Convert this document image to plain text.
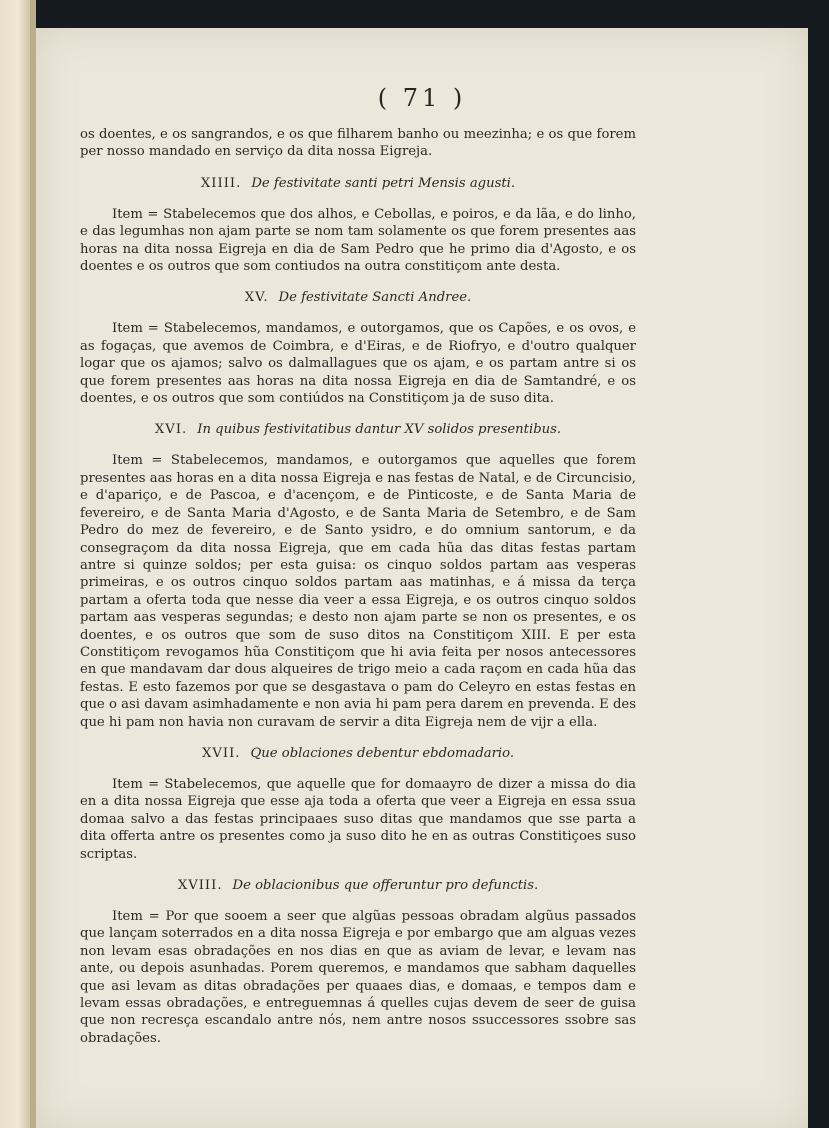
( 71 )

os doentes, e os sangrandos, e os que filharem banho ou meezinha; e os que forem per nosso mandado en serviço da dita nossa Eigreja.

XIIII. De festivitate santi petri Mensis agusti.

Item = Stabelecemos que dos alhos, e Cebollas, e poiros, e da lãa, e do linho, e das legumhas non ajam parte se nom tam solamente os que forem presentes aas horas na dita nossa Eigreja en dia de Sam Pedro que he primo dia d'Agosto, e os doentes e os outros que som contiudos na outra constitiçom ante desta.

XV. De festivitate Sancti Andree.

Item = Stabelecemos, mandamos, e outorgamos, que os Capões, e os ovos, e as fogaças, que avemos de Coimbra, e d'Eiras, e de Riofryo, e d'outro qualquer logar que os ajamos; salvo os dalmallagues que os ajam, e os partam antre si os que forem presentes aas horas na dita nossa Eigreja en dia de Samtandré, e os doentes, e os outros que som contiúdos na Constitiçom ja de suso dita.

XVI. In quibus festivitatibus dantur XV solidos presentibus.

Item = Stabelecemos, mandamos, e outorgamos que aquelles que forem presentes aas horas en a dita nossa Eigreja e nas festas de Natal, e de Circuncisio, e d'apariço, e de Pascoa, e d'acençom, e de Pinticoste, e de Santa Maria de fevereiro, e de Santa Maria d'Agosto, e de Santa Maria de Setembro, e de Sam Pedro do mez de fevereiro, e de Santo ysidro, e do omnium santorum, e da consegraçom da dita nossa Eigreja, que em cada hũa das ditas festas partam antre si quinze soldos; per esta guisa: os cinquo soldos partam aas vesperas primeiras, e os outros cinquo soldos partam aas matinhas, e á missa da terça partam a oferta toda que nesse dia veer a essa Eigreja, e os outros cinquo soldos partam aas vesperas segundas; e desto non ajam parte se non os presentes, e os doentes, e os outros que som de suso ditos na Constitiçom XIII. E per esta Constitiçom revogamos hũa Constitiçom que hi avia feita per nosos antecessores en que mandavam dar dous alqueires de trigo meio a cada raçom en cada hũa das festas. E esto fazemos por que se desgastava o pam do Celeyro en estas festas en que o asi davam asimhadamente e non avia hi pam pera darem en prevenda. E des que hi pam non havia non curavam de servir a dita Eigreja nem de vijr a ella.

XVII. Que oblaciones debentur ebdomadario.

Item = Stabelecemos, que aquelle que for domaayro de dizer a missa do dia en a dita nossa Eigreja que esse aja toda a oferta que veer a Eigreja en essa ssua domaa salvo a das festas principaaes suso ditas que mandamos que sse parta a dita offerta antre os presentes como ja suso dito he en as outras Constitiçoes suso scriptas.

XVIII. De oblacionibus que offeruntur pro defunctis.

Item = Por que sooem a seer que algũas pessoas obradam algũus passados que lançam soterrados en a dita nossa Eigreja e por embargo que am alguas vezes non levam esas obradações en nos dias en que as aviam de levar, e levam nas ante, ou depois asunhadas. Porem queremos, e mandamos que sabham daquelles que asi levam as ditas obradações per quaaes dias, e domaas, e tempos dam e levam essas obradações, e entreguemnas á quelles cujas devem de seer de guisa que non recresça escandalo antre nós, nem antre nosos ssuccessores ssobre sas obradações.
